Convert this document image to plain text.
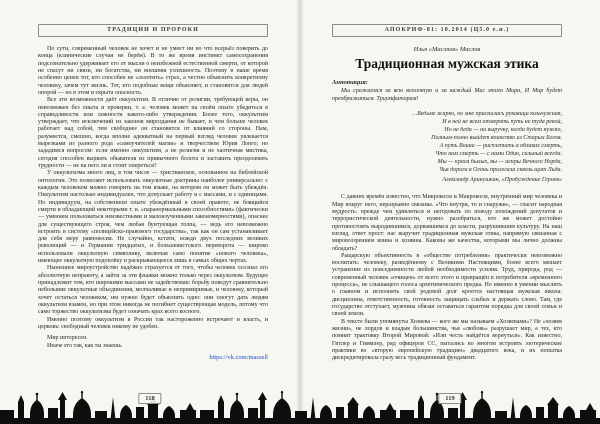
ТРАДИЦИИ И ПРОРОКИ

По сути, современный человек не хочет и не умеет ни во что всерьёз поверить до конца (клинические случаи не берём). В то же время инстинкт самосохранения подсознательно удерживает его от мысли о неизбежной естественной смерти, от которой не спасут ни связи, ни богатства, ни внешняя успешность. Поэтому в наше время особенно ценен тот, кто способен не «золотить» страх, а честно объяснить конкретному человеку, зачем тут жизнь. Тот, кто подобные вещи объясняет, и становится для людей опорой — но в этом и скрыта опасность.

Все эти возможности даёт оккультизм. В отличие от религии, требующей веры, он невозможен без опыта и проверки, т. е. человек может на своём опыте убедиться в справедливости или ложности какого-либо утверждения. Более того, оккультизм утверждает, что исключений из законов мироздания не бывает, и чем больше человек работает над собой, тем свободнее он становится от влияний со стороны. Нам, разумеется, смешно, когда вполне адекватный на первый взгляд человек увлекается вырезками из разного рода «самоучителей магии» и творчеством Юрия Лонго; но зададимся вопросом: если именно оккультизм, а не религия и не хаотичная мистика, сегодня способен вырвать обывателя из привычного болота и заставить преодолевать трудности — не на него ли и стоит опереться?

У оккультизма много лиц, в том числе — христианское, основанное на библейской онтологии. Это позволяет использовать оккультные доктрины наиболее универсально: с каждым человеком можно говорить на том языке, на котором он может быть убеждён. Оккультизм настолько индивидуален, что допускает работу и с массами, и с единицами. Но индивидуум, на собственном опыте убеждённый в своей правоте, не боящийся смерти и обладающий некоторыми т. н. «паранормальными способностями» (фактически — умением пользоваться неизвестными и малоизученными закономерностями), опаснее для существующего строя, чем любая бунтующая толпа, — ведь его невозможно встроить в систему «полицейско-правового государства», так как он сам устанавливает для себя меру равновесия. Не случайно, кстати, вожди двух последних великих революций — и Германии тридцатых, и большевистского переворота — широко использовали оккультную символику, включая само понятие «нового человека», имеющее оккультную подоплёку и раскрывающееся лишь в самых общих чертах.

Нынешнее мироустройство надёжно страхуется от того, чтобы человек осознал его абсолютную неправоту, а зайти за эти флажки можно только через оккультизм. Будущее принадлежит тем, кто широкими массами не задействован: борьбу поведут сравнительно небольшие оккультные объединения, молчаливые и непримиримые, и человеку, который хочет остаться человеком, им нужно будет объяснить одно: они смогут дать людям оккультизм взамен, но при этом никогда не погибнет существующая модель, потому что само торжество оккультизма будет означать крах всего косного.

Именно поэтому оккультизм в России так настороженно встречают и власть, и церковь: свободный человек никому не удобен.

Мир интересен.
Иначе его так, как ты знаешь.
https://vk.com/massell
118
АПОКРИФ-81: 10.2014 (Ц5.0 е.н.)
Илья «Масляев» Маслов
Традиционная мужская этика
Аннотация:
Мы сражаемся за всю вселенную и за каждый Миг этого Мира, И Мир будет преображаться. Триумфаторам!
…Ведьме жарко, но мне приснилась рукавица кольчужная,
И в ней не всем отмерять путь не туда рекой,
Но не беда — на выручку, когда будет нужно,
Полным-полно выйдет воинство из Старых Богов.
А путь Воина — расплетать в облаках смерть,
Что нам смерть — с нами Один, сильный всегда.
Мы — краса былых, вы — искры Вечного Норда,
Чья дорога в Огонь пролегала сквозь щит Льда.
Александр Аринушкин, «Пробуждение Героев»

С давних времён известно, что Микрокосм и Макрокосм, внутренний мир человека и Мир вокруг него, неразрывно связаны. «Что внутри, то и снаружи», — гласит народная мудрость: прежде чем удивляться и негодовать по поводу похождений депутатов и террористической деятельности, нужно разобраться, кто же может достойно противостоять выродившимся, дорвавшимся до власти, разрушившим культуру. На наш взгляд, ответ прост: нас выручит традиционная мужская этика, напрямую связанная с мировоззрением воина и хозяина. Каковы же качества, которыми мы лично должны обладать?

Рыцарскую объективность в «обществе потребления» практически невозможно воспитать: человеку, разведённому с Великими Настоящими, более всего мешает устранение из повседневности любой необходимости усилия. Труд, природа, род — современный человек «очищен» от всего этого и превращён в потребителя «временного процесса», не слышащего голоса архетипического предка. Но именно в умении мыслить о главном и исполнять свой родовой долг кроется настоящая мужская школа: дисциплина, ответственность, готовность защищать слабых и держать слово. Там, где государство отступает, мужчина обязан оставаться гарантом порядка для своей семьи и своей земли.

В тексте были упомянуты Хозяева — кого же мы называем «Хозяевами»? Не «хозяев жизни», не лордов и владык большинства, чья «любовь» разрушает мир, а тех, кто помнит трактовку Второй Мировой: «Или честь найдётся вернуться». Как известно, Гитлер и Гиммлер, ряд офицеров СС, пытались во многом встроить эзотерические практики во «вторую европейскую традицию» двадцатого века, и их попытка дискредитировала сразу весь традиционный фундамент.

119
